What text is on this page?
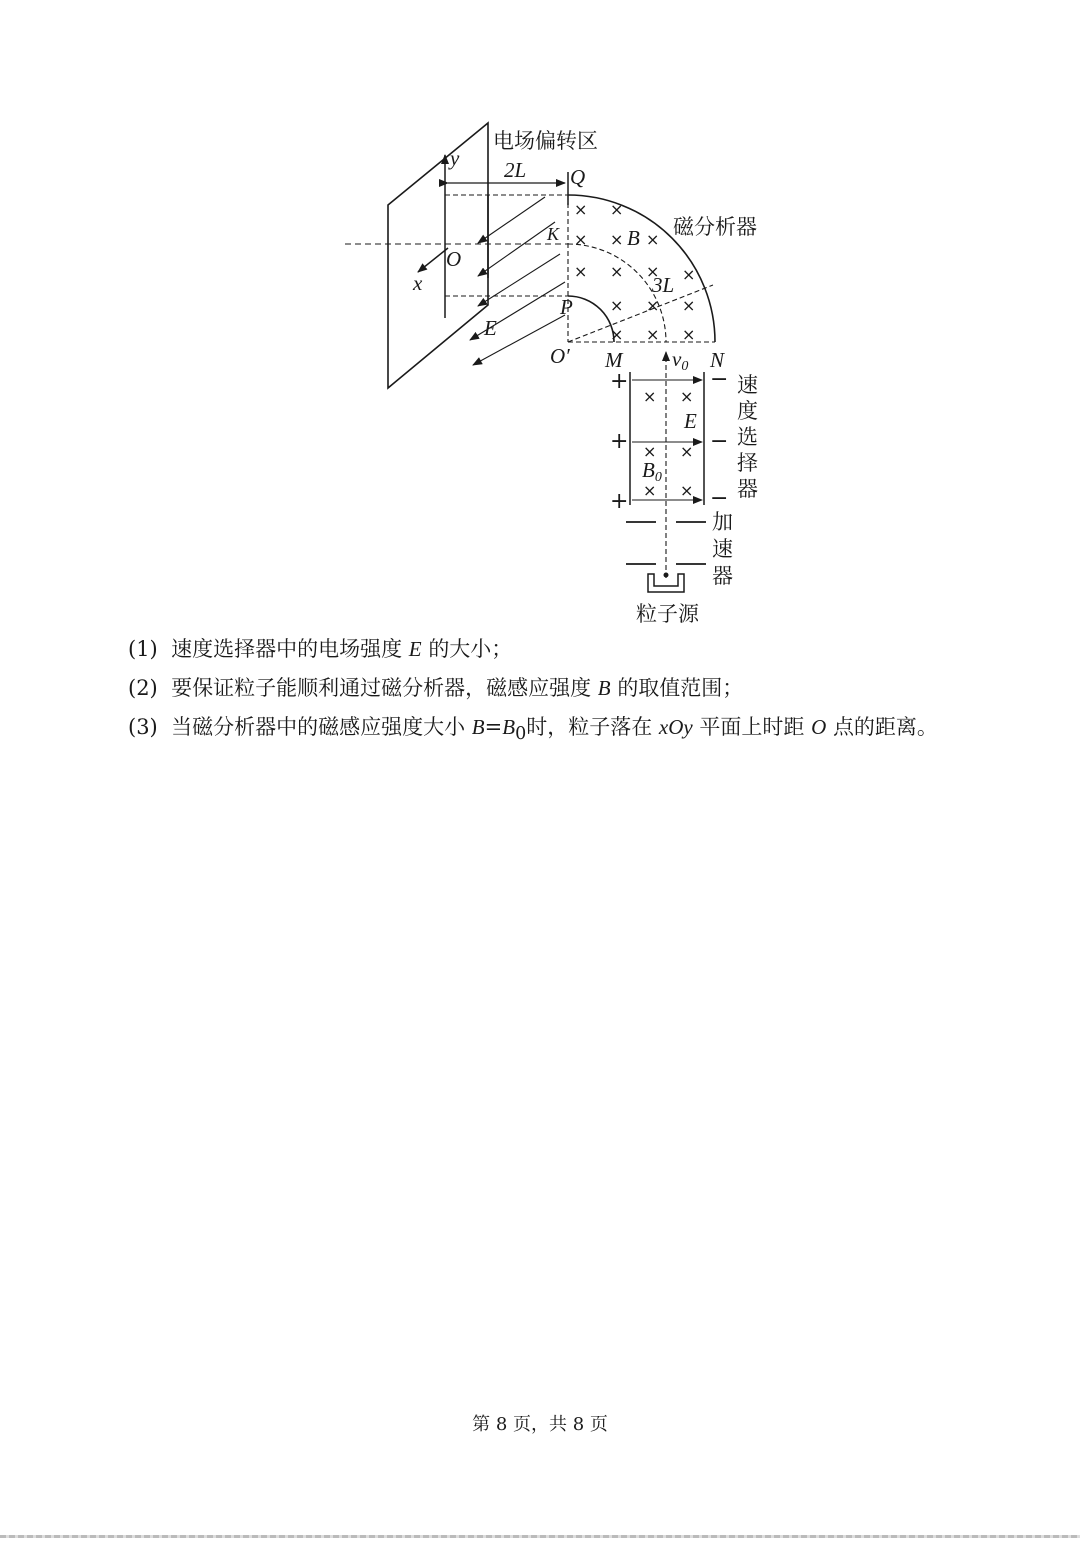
× ×
× × ×
× × × ×
× × ×
× × ×
× ×
× ×
× ×
+
+
+
−
−
−
电场偏转区
磁分析器
2L Q
K	B
3L
P
O′
O
x
y
E
M	N
v0
E
B0
速
度
选
择
器
加
速
器
粒子源
(1) 速度选择器中的电场强度 E 的大小；
(2) 要保证粒子能顺利通过磁分析器，磁感应强度 B 的取值范围；
(3) 当磁分析器中的磁感应强度大小 $B=B_0$时，粒子落在 xOy 平面上时距 O 点的距离。
第 8 页，共 8 页
